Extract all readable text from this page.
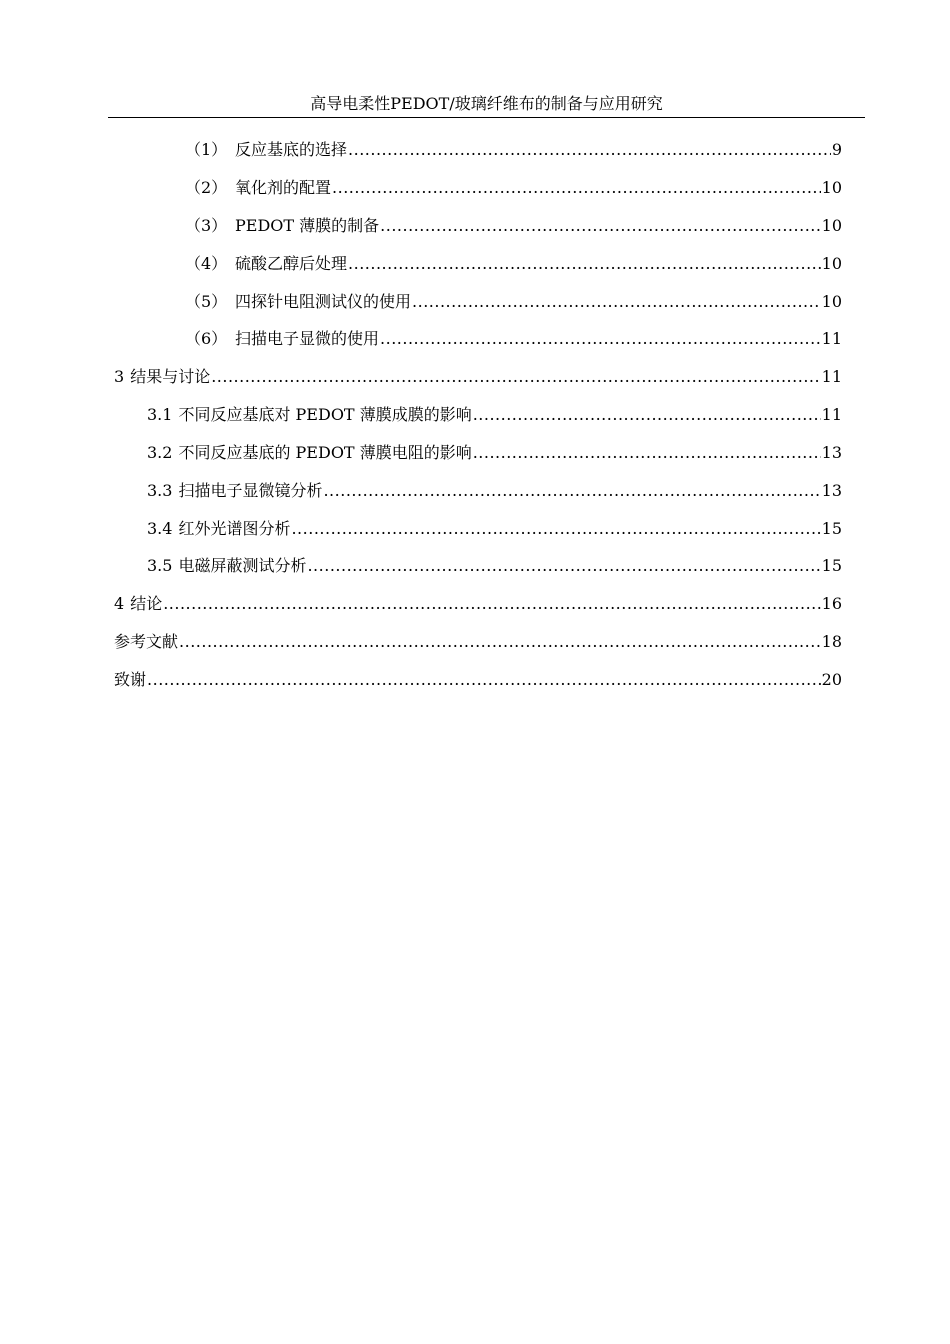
高导电柔性PEDOT/玻璃纤维布的制备与应用研究
（1） 反应基底的选择 .....	9
（2） 氧化剂的配置 .....	10
（3） PEDOT 薄膜的制备 .....	10
（4） 硫酸乙醇后处理 .....	10
（5） 四探针电阻测试仪的使用 .....	10
（6） 扫描电子显微的使用 .....	11
3 结果与讨论 .....	11
3.1 不同反应基底对 PEDOT 薄膜成膜的影响 .....	11
3.2 不同反应基底的 PEDOT 薄膜电阻的影响 .....	13
3.3 扫描电子显微镜分析 .....	13
3.4 红外光谱图分析 .....	15
3.5 电磁屏蔽测试分析 .....	15
4 结论 .....	16
参考文献 .....	18
致谢 .....	20
